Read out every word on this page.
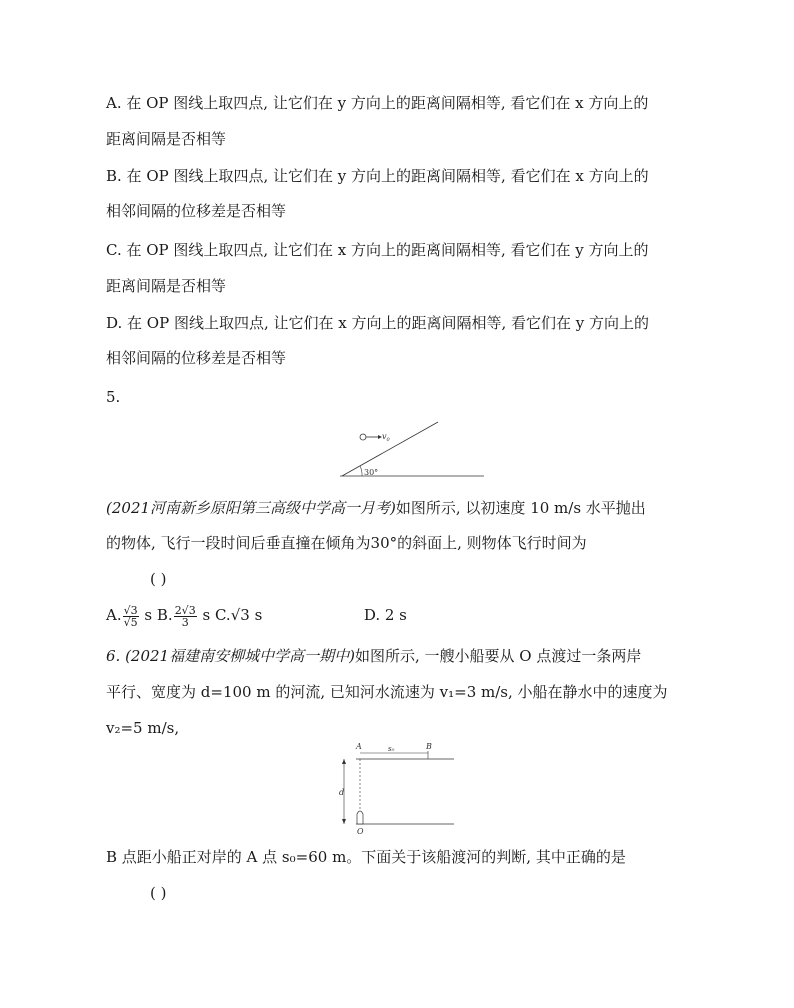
A. 在 OP 图线上取四点, 让它们在 y 方向上的距离间隔相等, 看它们在 x 方向上的
距离间隔是否相等
B. 在 OP 图线上取四点, 让它们在 y 方向上的距离间隔相等, 看它们在 x 方向上的
相邻间隔的位移差是否相等
C. 在 OP 图线上取四点, 让它们在 x 方向上的距离间隔相等, 看它们在 y 方向上的
距离间隔是否相等
D. 在 OP 图线上取四点, 让它们在 x 方向上的距离间隔相等, 看它们在 y 方向上的
相邻间隔的位移差是否相等
5.
30°
$v_0$
(2021河南新乡原阳第三高级中学高一月考)如图所示, 以初速度 10 m/s 水平抛出
的物体, 飞行一段时间后垂直撞在倾角为30°的斜面上, 则物体飞行时间为
( )
A. $\frac{√3}{√5}$ s B. $\frac{2√3}{3}$ s C.√3 s	D. 2 s
6. (2021福建南安柳城中学高一期中)如图所示, 一艘小船要从 O 点渡过一条两岸
平行、宽度为 d=100 m 的河流, 已知河水流速为 v₁=3 m/s, 小船在静水中的速度为
v₂=5 m/s,
A	B
s₀
d
O
B 点距小船正对岸的 A 点 s₀=60 m。下面关于该船渡河的判断, 其中正确的是
( )
